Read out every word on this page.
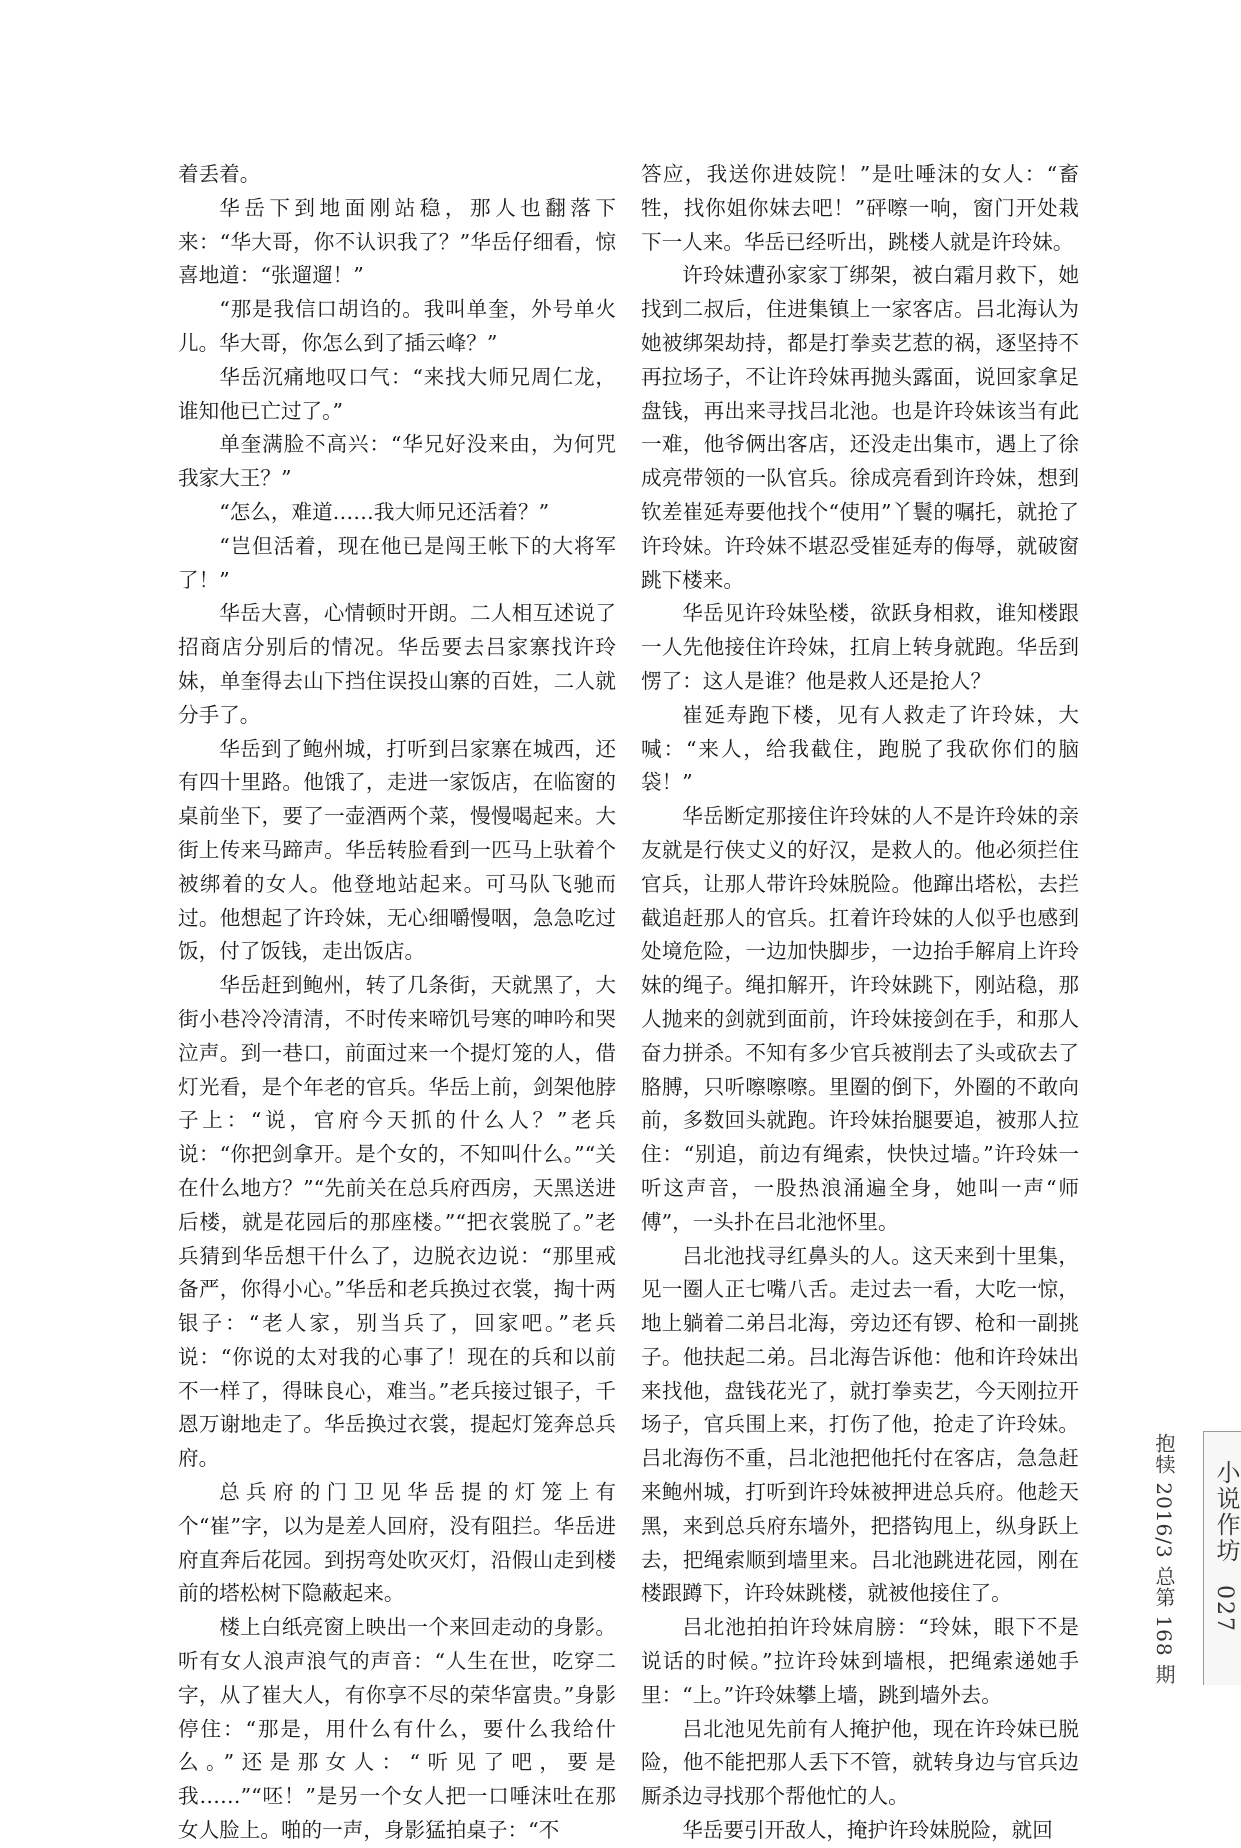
着丢着。

华岳下到地面刚站稳，那人也翻落下来：“华大哥，你不认识我了？”华岳仔细看，惊喜地道：“张遛遛！”

“那是我信口胡诌的。我叫单奎，外号单火儿。华大哥，你怎么到了插云峰？”

华岳沉痛地叹口气：“来找大师兄周仁龙，谁知他已亡过了。”

单奎满脸不高兴：“华兄好没来由，为何咒我家大王？”

“怎么，难道……我大师兄还活着？”

“岂但活着，现在他已是闯王帐下的大将军了！”

华岳大喜，心情顿时开朗。二人相互述说了招商店分别后的情况。华岳要去吕家寨找许玲妹，单奎得去山下挡住误投山寨的百姓，二人就分手了。

华岳到了鲍州城，打听到吕家寨在城西，还有四十里路。他饿了，走进一家饭店，在临窗的桌前坐下，要了一壶酒两个菜，慢慢喝起来。大街上传来马蹄声。华岳转脸看到一匹马上驮着个被绑着的女人。他登地站起来。可马队飞驰而过。他想起了许玲妹，无心细嚼慢咽，急急吃过饭，付了饭钱，走出饭店。

华岳赶到鲍州，转了几条街，天就黑了，大街小巷冷冷清清，不时传来啼饥号寒的呻吟和哭泣声。到一巷口，前面过来一个提灯笼的人，借灯光看，是个年老的官兵。华岳上前，剑架他脖子上：“说，官府今天抓的什么人？”老兵说：“你把剑拿开。是个女的，不知叫什么。”“关在什么地方？”“先前关在总兵府西房，天黑送进后楼，就是花园后的那座楼。”“把衣裳脱了。”老兵猜到华岳想干什么了，边脱衣边说：“那里戒备严，你得小心。”华岳和老兵换过衣裳，掏十两银子：“老人家，别当兵了，回家吧。”老兵说：“你说的太对我的心事了！现在的兵和以前不一样了，得昧良心，难当。”老兵接过银子，千恩万谢地走了。华岳换过衣裳，提起灯笼奔总兵府。

总兵府的门卫见华岳提的灯笼上有个“崔”字，以为是差人回府，没有阻拦。华岳进府直奔后花园。到拐弯处吹灭灯，沿假山走到楼前的塔松树下隐蔽起来。

楼上白纸亮窗上映出一个来回走动的身影。听有女人浪声浪气的声音：“人生在世，吃穿二字，从了崔大人，有你享不尽的荣华富贵。”身影停住：“那是，用什么有什么，要什么我给什么。”还是那女人：“听见了吧，要是我……”“呸！”是另一个女人把一口唾沫吐在那女人脸上。啪的一声，身影猛拍桌子：“不

答应，我送你进妓院！”是吐唾沫的女人：“畜牲，找你姐你妹去吧！”砰嚓一响，窗门开处栽下一人来。华岳已经听出，跳楼人就是许玲妹。

许玲妹遭孙家家丁绑架，被白霜月救下，她找到二叔后，住进集镇上一家客店。吕北海认为她被绑架劫持，都是打拳卖艺惹的祸，逐坚持不再拉场子，不让许玲妹再抛头露面，说回家拿足盘钱，再出来寻找吕北池。也是许玲妹该当有此一难，他爷俩出客店，还没走出集市，遇上了徐成亮带领的一队官兵。徐成亮看到许玲妹，想到钦差崔延寿要他找个“使用”丫鬟的嘱托，就抢了许玲妹。许玲妹不堪忍受崔延寿的侮辱，就破窗跳下楼来。

华岳见许玲妹坠楼，欲跃身相救，谁知楼跟一人先他接住许玲妹，扛肩上转身就跑。华岳到愣了：这人是谁？他是救人还是抢人？

崔延寿跑下楼，见有人救走了许玲妹，大喊：“来人，给我截住，跑脱了我砍你们的脑袋！”

华岳断定那接住许玲妹的人不是许玲妹的亲友就是行侠丈义的好汉，是救人的。他必须拦住官兵，让那人带许玲妹脱险。他蹿出塔松，去拦截追赶那人的官兵。扛着许玲妹的人似乎也感到处境危险，一边加快脚步，一边抬手解肩上许玲妹的绳子。绳扣解开，许玲妹跳下，刚站稳，那人抛来的剑就到面前，许玲妹接剑在手，和那人奋力拼杀。不知有多少官兵被削去了头或砍去了胳膊，只听嚓嚓嚓。里圈的倒下，外圈的不敢向前，多数回头就跑。许玲妹抬腿要追，被那人拉住：“别追，前边有绳索，快快过墙。”许玲妹一听这声音，一股热浪涌遍全身，她叫一声“师傅”，一头扑在吕北池怀里。

吕北池找寻红鼻头的人。这天来到十里集，见一圈人正七嘴八舌。走过去一看，大吃一惊，地上躺着二弟吕北海，旁边还有锣、枪和一副挑子。他扶起二弟。吕北海告诉他：他和许玲妹出来找他，盘钱花光了，就打拳卖艺，今天刚拉开场子，官兵围上来，打伤了他，抢走了许玲妹。吕北海伤不重，吕北池把他托付在客店，急急赶来鲍州城，打听到许玲妹被押进总兵府。他趁天黑，来到总兵府东墙外，把搭钩甩上，纵身跃上去，把绳索顺到墙里来。吕北池跳进花园，刚在楼跟蹲下，许玲妹跳楼，就被他接住了。

吕北池拍拍许玲妹肩膀：“玲妹，眼下不是说话的时候。”拉许玲妹到墙根，把绳索递她手里：“上。”许玲妹攀上墙，跳到墙外去。

吕北池见先前有人掩护他，现在许玲妹已脱险，他不能把那人丢下不管，就转身边与官兵边厮杀边寻找那个帮他忙的人。

华岳要引开敌人，掩护许玲妹脱险，就回

抱犊 2016/3 总第 168 期 小说作坊
027
